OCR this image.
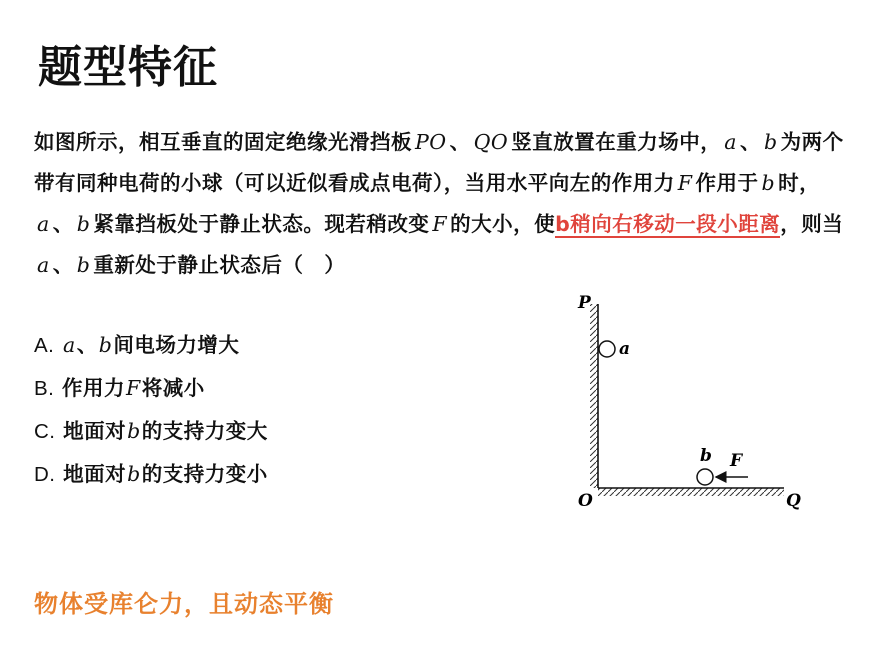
题型特征
如图所示，相互垂直的固定绝缘光滑挡板 PO 、 QO 竖直放置在重力场中， a 、 b 为两个带有同种电荷的小球（可以近似看成点电荷），当用水平向左的作用力 F 作用于 b 时，a 、 b 紧靠挡板处于静止状态。现若稍改变 F 的大小，使b稍向右移动一段小距离，则当a 、 b 重新处于静止状态后（　）
A. a、b间电场力增大
B. 作用力F将减小
C. 地面对b的支持力变大
D. 地面对b的支持力变小
P
a
b F
O	Q
物体受库仑力，且动态平衡
